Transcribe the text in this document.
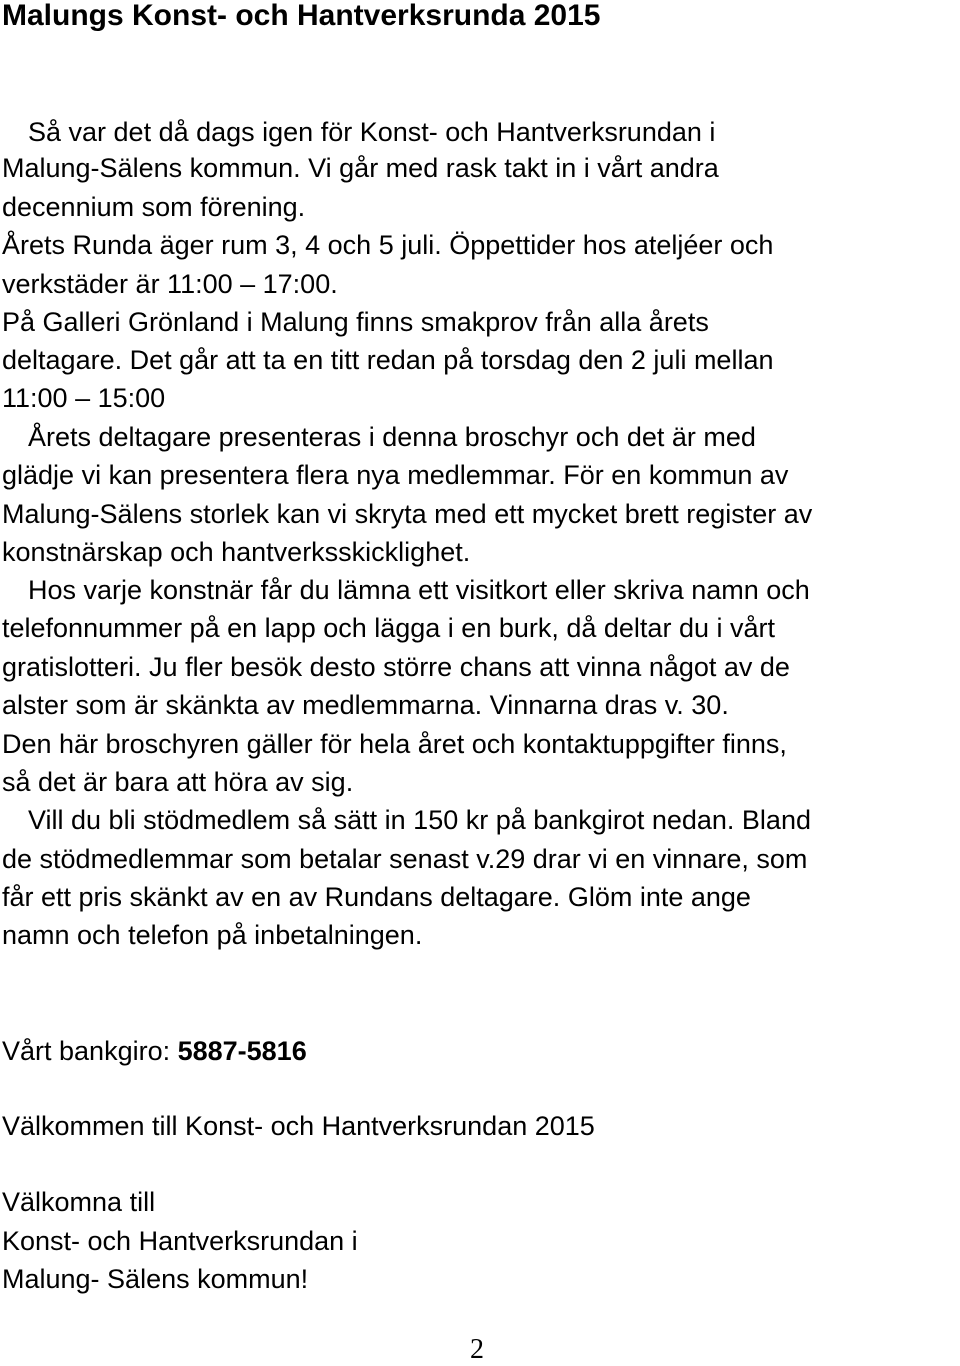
Malungs Konst- och Hantverksrunda 2015

Så var det då dags igen för Konst- och Hantverksrundan i

Malung-Sälens kommun. Vi går med rask takt in i vårt andra

decennium som förening.

Årets Runda äger rum 3, 4 och 5 juli. Öppettider hos ateljéer och

verkstäder är 11:00 – 17:00.

På Galleri Grönland i Malung finns smakprov från alla årets

deltagare. Det går att ta en titt redan på torsdag den 2 juli mellan

11:00 – 15:00

Årets deltagare presenteras i denna broschyr och det är med

glädje vi kan presentera flera nya medlemmar. För en kommun av

Malung-Sälens storlek kan vi skryta med ett mycket brett register av

konstnärskap och hantverksskicklighet.

Hos varje konstnär får du lämna ett visitkort eller skriva namn och

telefonnummer på en lapp och lägga i en burk, då deltar du i vårt

gratislotteri. Ju fler besök desto större chans att vinna något av de

alster som är skänkta av medlemmarna. Vinnarna dras v. 30.

Den här broschyren gäller för hela året och kontaktuppgifter finns,

så det är bara att höra av sig.

Vill du bli stödmedlem så sätt in 150 kr på bankgirot nedan. Bland

de stödmedlemmar som betalar senast v.29 drar vi en vinnare, som

får ett pris skänkt av en av Rundans deltagare. Glöm inte ange

namn och telefon på inbetalningen.

Vårt bankgiro: 5887-5816

Välkommen till Konst- och Hantverksrundan 2015

Välkomna till

Konst- och Hantverksrundan i

Malung- Sälens kommun!

2
